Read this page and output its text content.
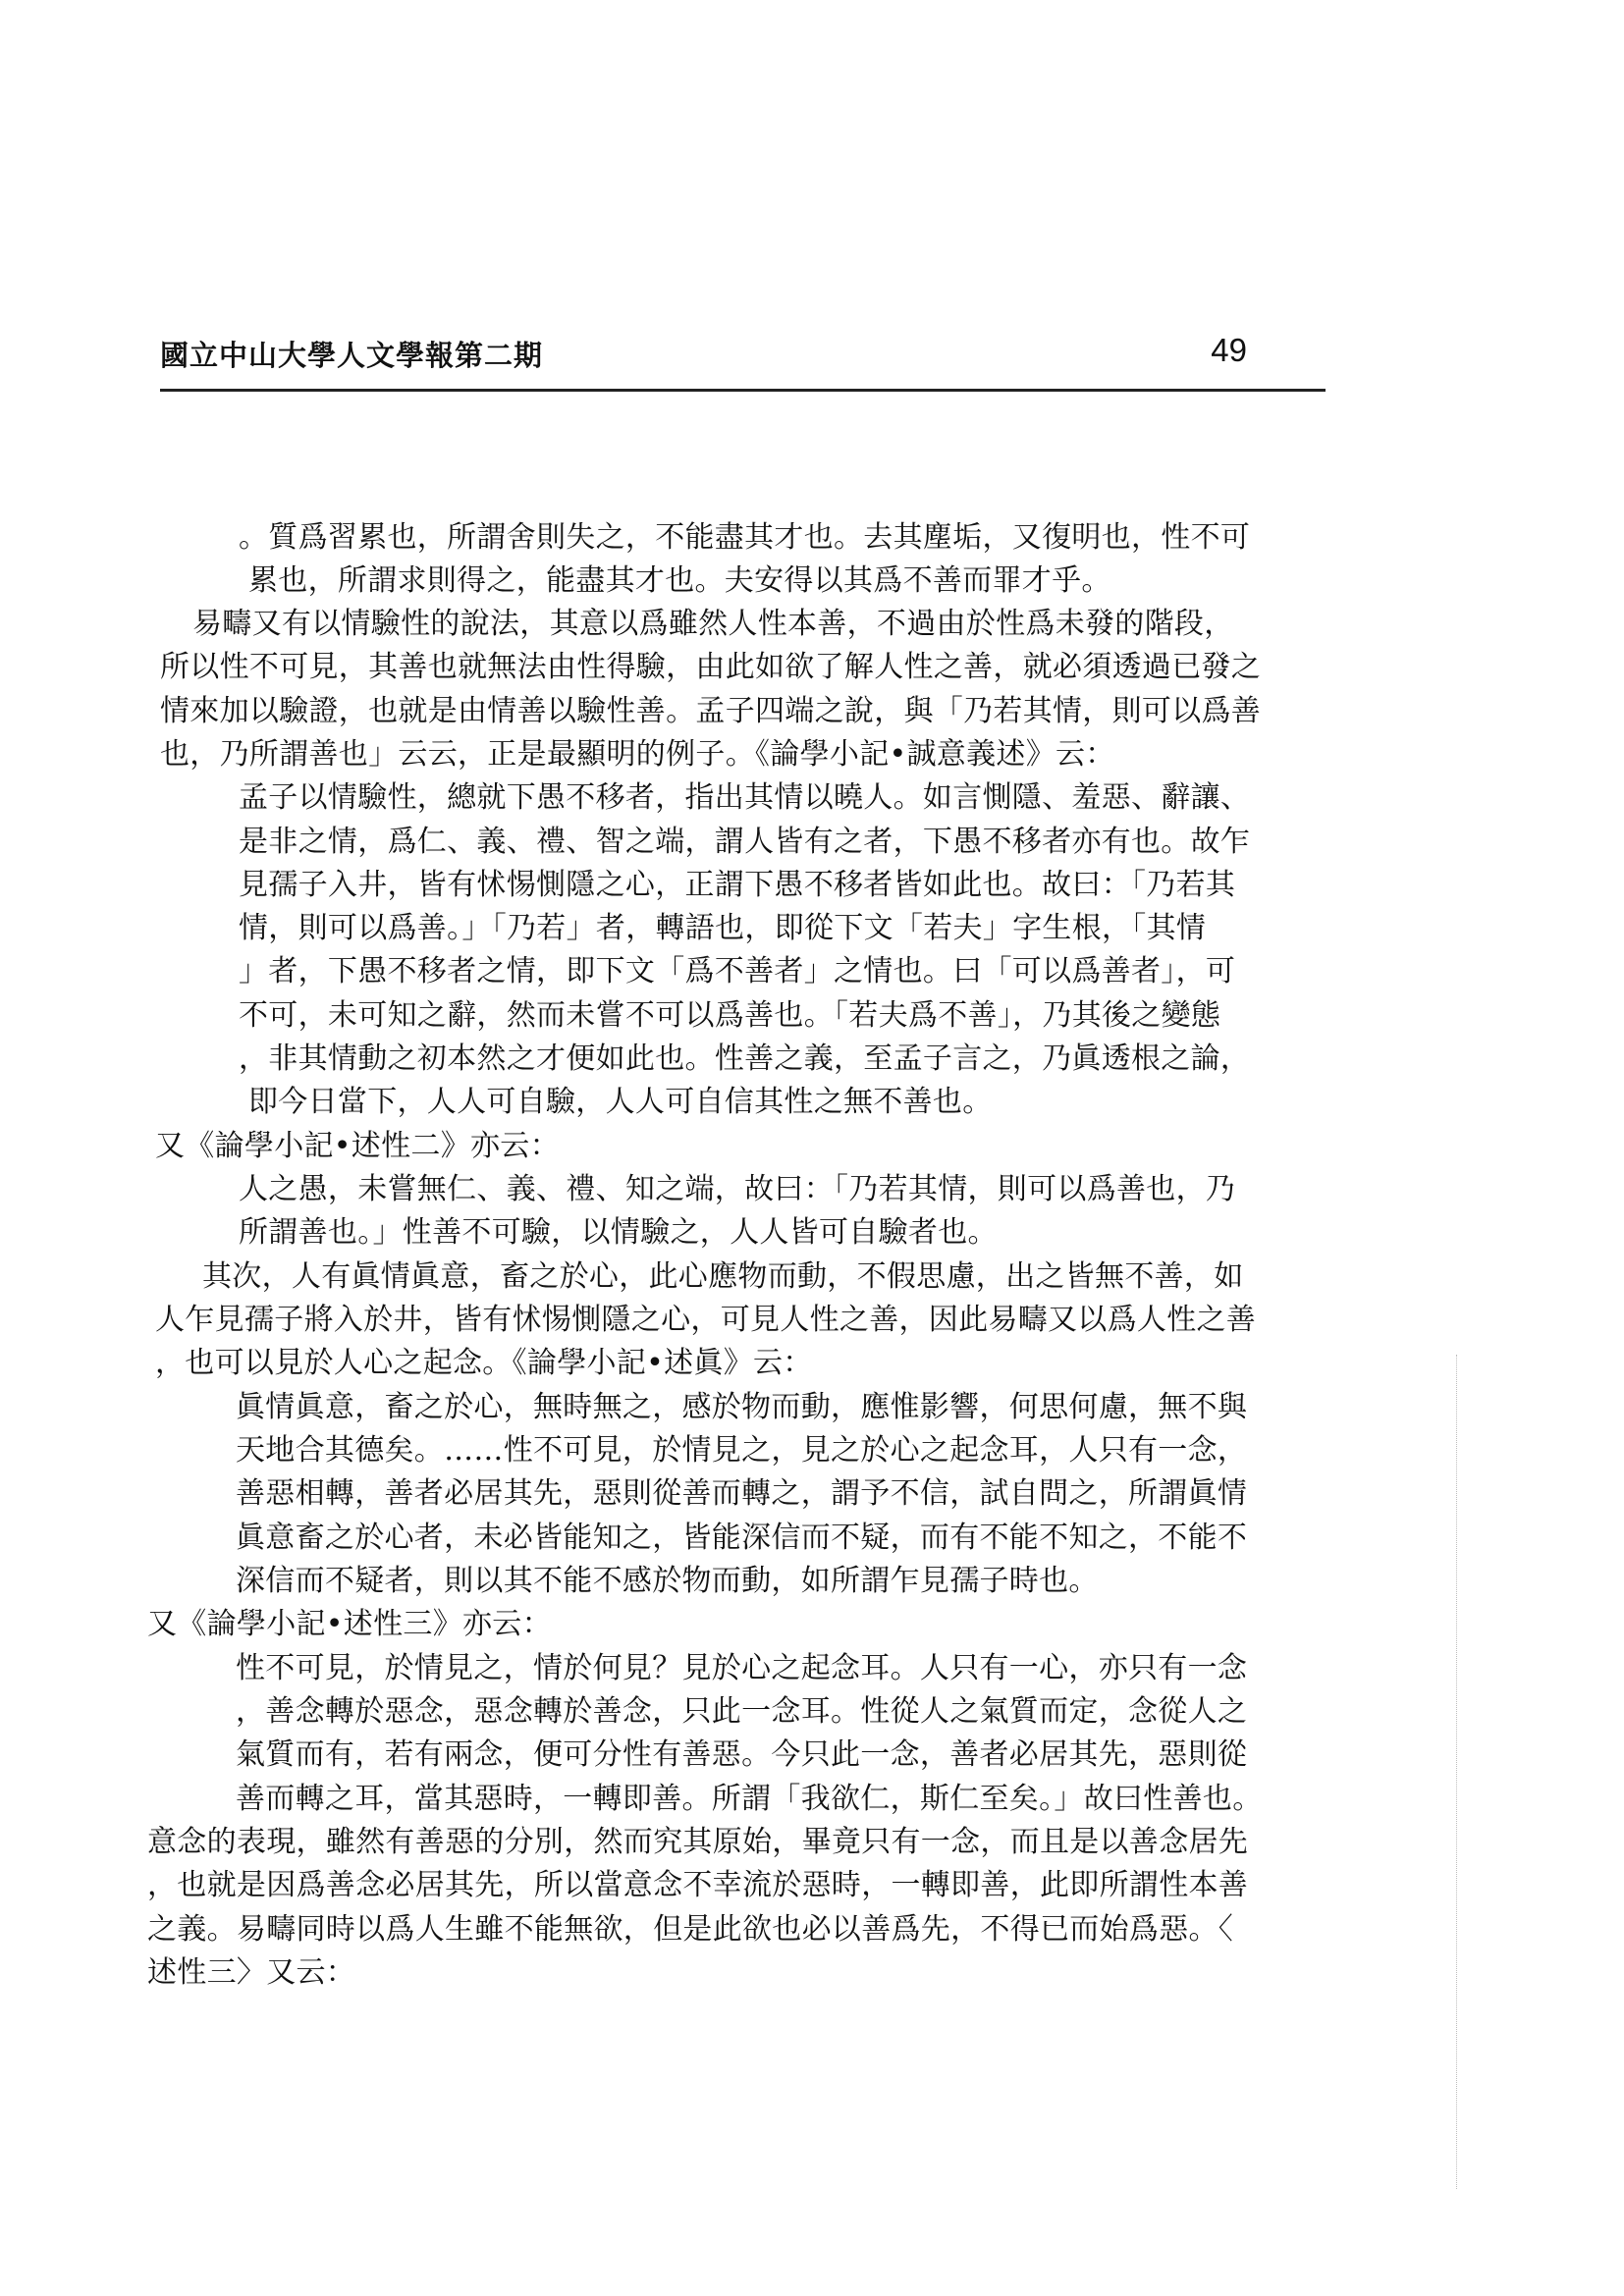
國立中山大學人文學報第二期	49
。質爲習累也，所謂舍則失之，不能盡其才也。去其塵垢，又復明也，性不可
累也，所謂求則得之，能盡其才也。夫安得以其爲不善而罪才乎。
易疇又有以情驗性的說法，其意以爲雖然人性本善，不過由於性爲未發的階段，
所以性不可見，其善也就無法由性得驗，由此如欲了解人性之善，就必須透過已發之
情來加以驗證，也就是由情善以驗性善。孟子四端之說，與「乃若其情，則可以爲善
也，乃所謂善也」云云，正是最顯明的例子。《論學小記•誠意義述》云：
孟子以情驗性，總就下愚不移者，指出其情以曉人。如言惻隱、羞惡、辭讓、
是非之情，爲仁、義、禮、智之端，謂人皆有之者，下愚不移者亦有也。故乍
見孺子入井，皆有怵惕惻隱之心，正謂下愚不移者皆如此也。故曰：「乃若其
情，則可以爲善。」「乃若」者，轉語也，即從下文「若夫」字生根，「其情
」者，下愚不移者之情，即下文「爲不善者」之情也。曰「可以爲善者」，可
不可，未可知之辭，然而未嘗不可以爲善也。「若夫爲不善」，乃其後之變態
，非其情動之初本然之才便如此也。性善之義，至孟子言之，乃眞透根之論，
即今日當下，人人可自驗，人人可自信其性之無不善也。
又《論學小記•述性二》亦云：
人之愚，未嘗無仁、義、禮、知之端，故曰：「乃若其情，則可以爲善也，乃
所謂善也。」性善不可驗，以情驗之，人人皆可自驗者也。
其次，人有眞情眞意，畜之於心，此心應物而動，不假思慮，出之皆無不善，如
人乍見孺子將入於井，皆有怵惕惻隱之心，可見人性之善，因此易疇又以爲人性之善
，也可以見於人心之起念。《論學小記•述眞》云：
眞情眞意，畜之於心，無時無之，感於物而動，應惟影響，何思何慮，無不與
天地合其德矣。……性不可見，於情見之，見之於心之起念耳，人只有一念，
善惡相轉，善者必居其先，惡則從善而轉之，謂予不信，試自問之，所謂眞情
眞意畜之於心者，未必皆能知之，皆能深信而不疑，而有不能不知之，不能不
深信而不疑者，則以其不能不感於物而動，如所謂乍見孺子時也。
又《論學小記•述性三》亦云：
性不可見，於情見之，情於何見？見於心之起念耳。人只有一心，亦只有一念
，善念轉於惡念，惡念轉於善念，只此一念耳。性從人之氣質而定，念從人之
氣質而有，若有兩念，便可分性有善惡。今只此一念，善者必居其先，惡則從
善而轉之耳，當其惡時，一轉即善。所謂「我欲仁，斯仁至矣。」故曰性善也。
意念的表現，雖然有善惡的分別，然而究其原始，畢竟只有一念，而且是以善念居先
，也就是因爲善念必居其先，所以當意念不幸流於惡時，一轉即善，此即所謂性本善
之義。易疇同時以爲人生雖不能無欲，但是此欲也必以善爲先，不得已而始爲惡。〈
述性三〉又云：
